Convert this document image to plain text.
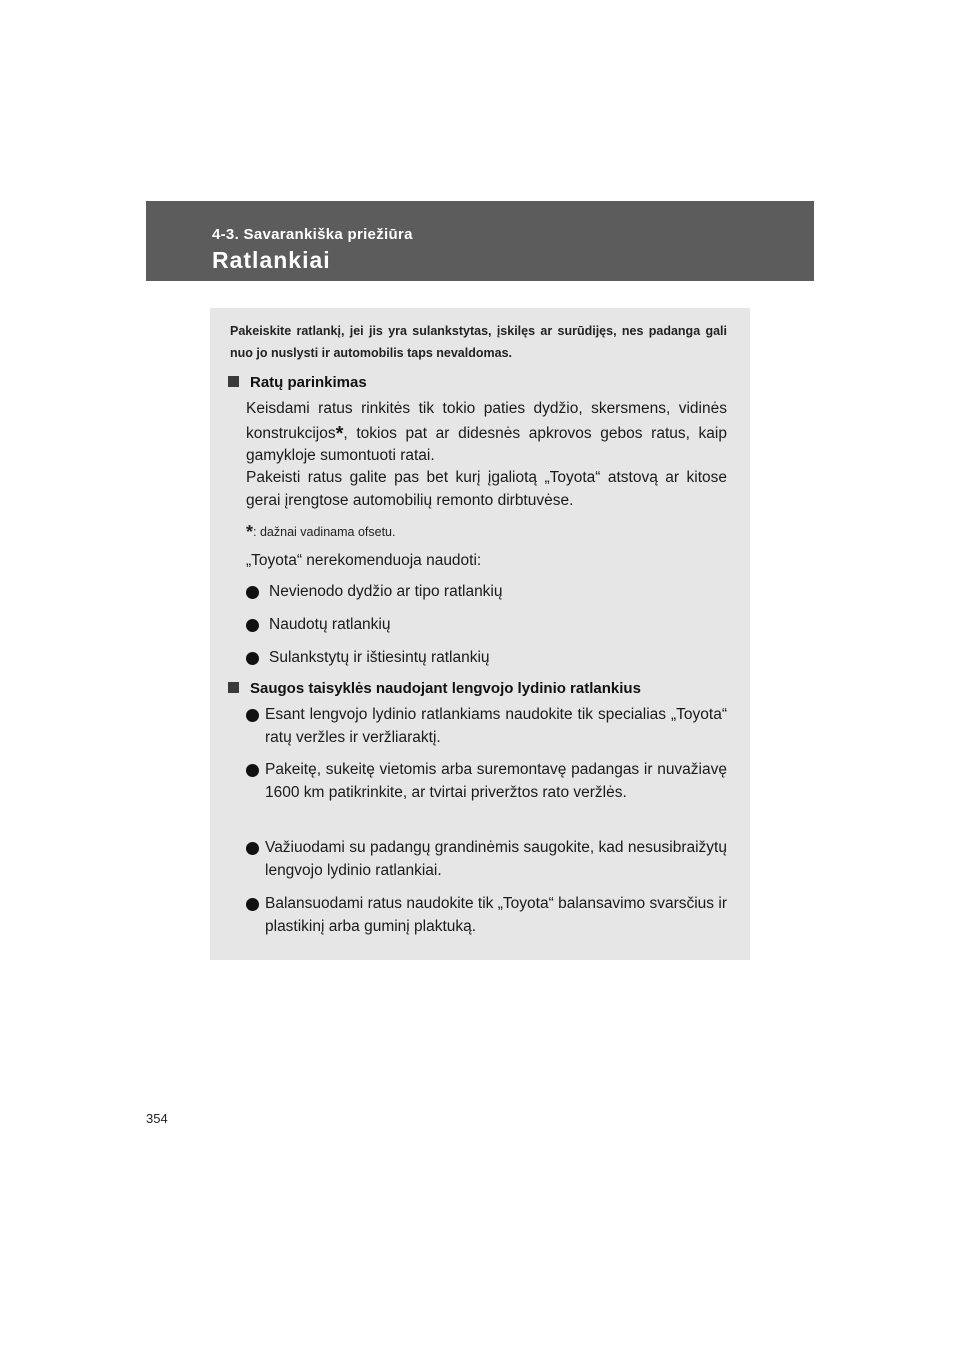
4-3. Savarankiška priežiūra
Ratlankiai
Pakeiskite ratlankį, jei jis yra sulankstytas, įskilęs ar surūdijęs, nes padanga gali nuo jo nuslysti ir automobilis taps nevaldomas.
Ratų parinkimas
Keisdami ratus rinkitės tik tokio paties dydžio, skersmens, vidinės konstrukcijos*, tokios pat ar didesnės apkrovos gebos ratus, kaip gamykloje sumontuoti ratai.
Pakeisti ratus galite pas bet kurį įgaliotą „Toyota“ atstovą ar kitose gerai įrengtose automobilių remonto dirbtuvėse.
*: dažnai vadinama ofsetu.
„Toyota“ nerekomenduoja naudoti:
Nevienodo dydžio ar tipo ratlankių
Naudotų ratlankių
Sulankstytų ir ištiesintų ratlankių
Saugos taisyklės naudojant lengvojo lydinio ratlankius
Esant lengvojo lydinio ratlankiams naudokite tik specialias „Toyota“ ratų veržles ir veržliaraktį.
Pakeitę, sukeitę vietomis arba suremontavę padangas ir nuvažiavę 1600 km patikrinkite, ar tvirtai priveržtos rato veržlės.
Važiuodami su padangų grandinėmis saugokite, kad nesusibraižytų lengvojo lydinio ratlankiai.
Balansuodami ratus naudokite tik „Toyota“ balansavimo svarsčius ir plastikinį arba guminį plaktuką.
354
